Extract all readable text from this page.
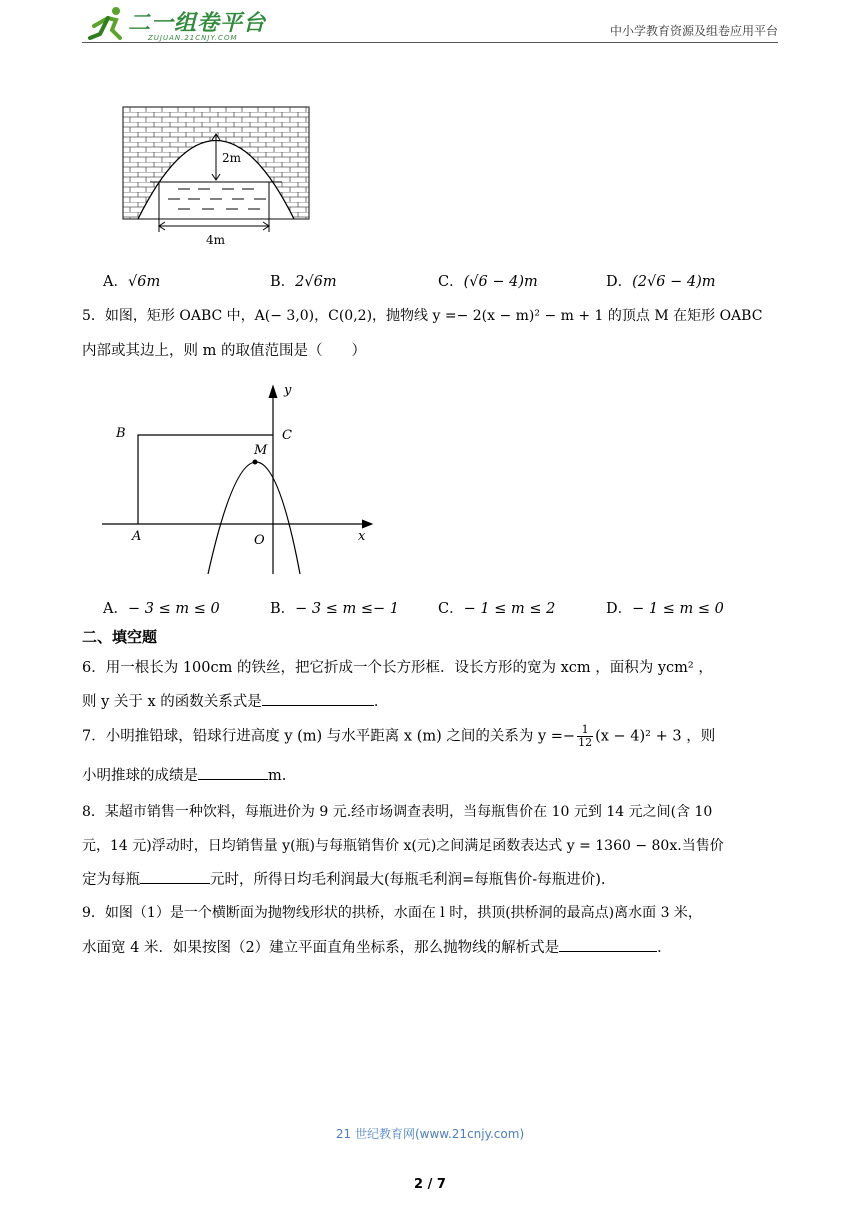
二一组卷平台
ZUJUAN.21CNJY.COM	中小学教育资源及组卷应用平台
2m
4m
A．√6m	B．2√6m	C．(√6 − 4)m	D．(2√6 − 4)m
5．如图，矩形 OABC 中，A(− 3,0)，C(0,2)，抛物线 y =− 2(x − m)² − m + 1 的顶点 M 在矩形 OABC
内部或其边上，则 m 的取值范围是（　　）
B	C
M
A	O	x
y
A．− 3 ≤ m ≤ 0	B．− 3 ≤ m ≤− 1	C．− 1 ≤ m ≤ 2	D．− 1 ≤ m ≤ 0
二、填空题
6．用一根长为 100cm 的铁丝，把它折成一个长方形框．设长方形的宽为 xcm ，面积为 ycm² ，
则 y 关于 x 的函数关系式是	．
7．小明推铅球，铅球行进高度 y (m) 与水平距离 x (m) 之间的关系为 $y =- \frac{1}{12} (x - 4)^2 + 3$ ，则
小明推球的成绩是	m.
8．某超市销售一种饮料，每瓶进价为 9 元.经市场调查表明，当每瓶售价在 10 元到 14 元之间(含 10
元，14 元)浮动时，日均销售量 y(瓶)与每瓶销售价 x(元)之间满足函数表达式 y = 1360 − 80x.当售价
定为每瓶	元时，所得日均毛利润最大(每瓶毛利润=每瓶售价-每瓶进价).
9．如图（1）是一个横断面为抛物线形状的拱桥，水面在 l 时，拱顶(拱桥洞的最高点)离水面 3 米，
水面宽 4 米．如果按图（2）建立平面直角坐标系，那么抛物线的解析式是	．
21 世纪教育网(www.21cnjy.com)
2 / 7
